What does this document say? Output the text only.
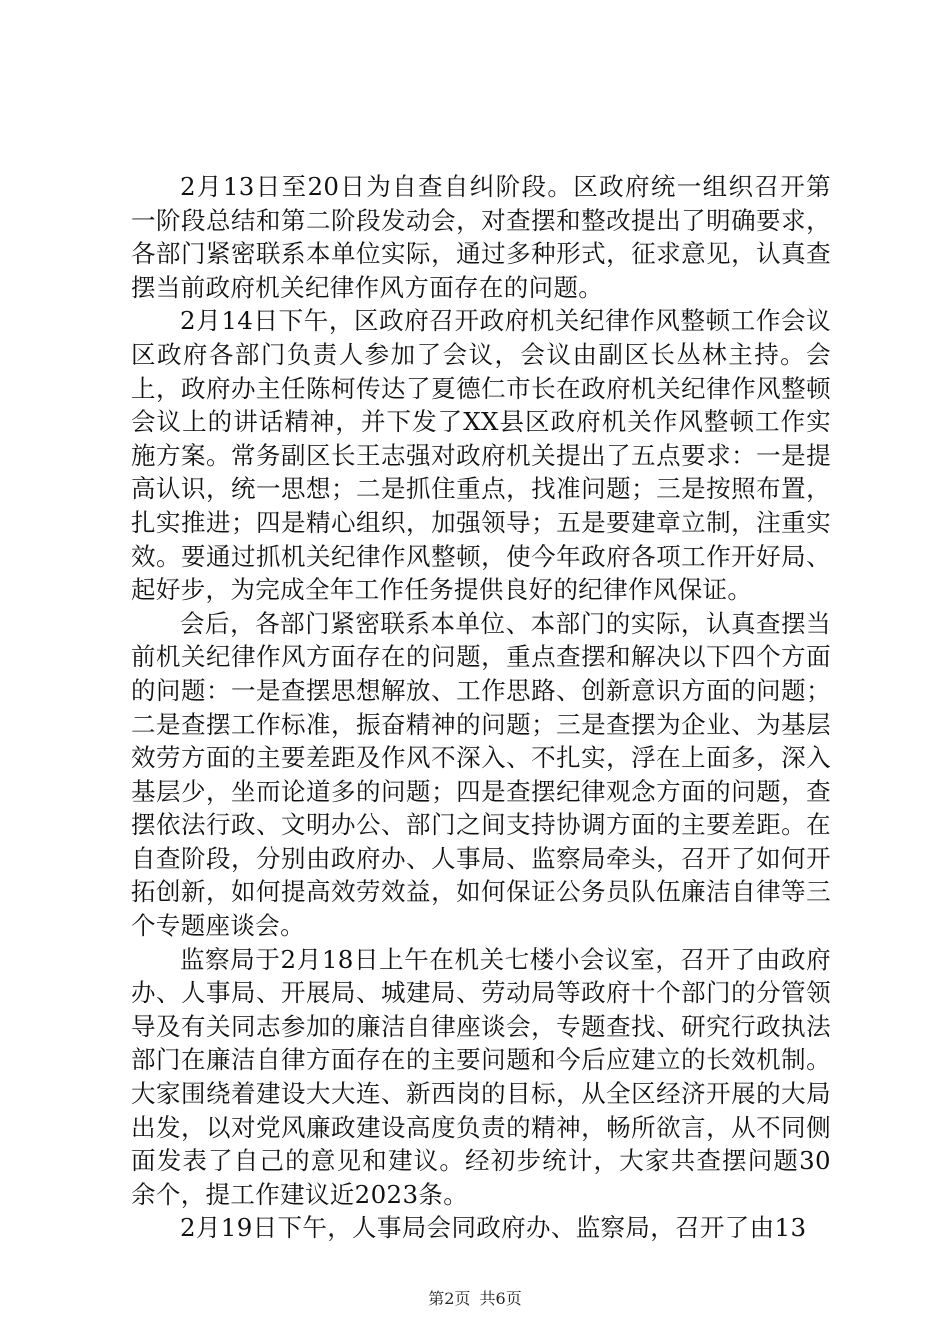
2月13日至20日为自查自纠阶段。区政府统一组织召开第一阶段总结和第二阶段发动会，对查摆和整改提出了明确要求，各部门紧密联系本单位实际，通过多种形式，征求意见，认真查摆当前政府机关纪律作风方面存在的问题。

2月14日下午，区政府召开政府机关纪律作风整顿工作会议区政府各部门负责人参加了会议，会议由副区长丛林主持。会上，政府办主任陈柯传达了夏德仁市长在政府机关纪律作风整顿会议上的讲话精神，并下发了XX县区政府机关作风整顿工作实施方案。常务副区长王志强对政府机关提出了五点要求：一是提高认识，统一思想；二是抓住重点，找准问题；三是按照布置，扎实推进；四是精心组织，加强领导；五是要建章立制，注重实效。要通过抓机关纪律作风整顿，使今年政府各项工作开好局、起好步，为完成全年工作任务提供良好的纪律作风保证。

会后，各部门紧密联系本单位、本部门的实际，认真查摆当前机关纪律作风方面存在的问题，重点查摆和解决以下四个方面的问题：一是查摆思想解放、工作思路、创新意识方面的问题；二是查摆工作标准，振奋精神的问题；三是查摆为企业、为基层效劳方面的主要差距及作风不深入、不扎实，浮在上面多，深入基层少，坐而论道多的问题；四是查摆纪律观念方面的问题，查摆依法行政、文明办公、部门之间支持协调方面的主要差距。在自查阶段，分别由政府办、人事局、监察局牵头，召开了如何开拓创新，如何提高效劳效益，如何保证公务员队伍廉洁自律等三个专题座谈会。

监察局于2月18日上午在机关七楼小会议室，召开了由政府办、人事局、开展局、城建局、劳动局等政府十个部门的分管领导及有关同志参加的廉洁自律座谈会，专题查找、研究行政执法部门在廉洁自律方面存在的主要问题和今后应建立的长效机制。大家围绕着建设大大连、新西岗的目标，从全区经济开展的大局出发，以对党风廉政建设高度负责的精神，畅所欲言，从不同侧面发表了自己的意见和建议。经初步统计，大家共查摆问题30余个，提工作建议近2023条。

2月19日下午，人事局会同政府办、监察局，召开了由13

第2页 共6页
